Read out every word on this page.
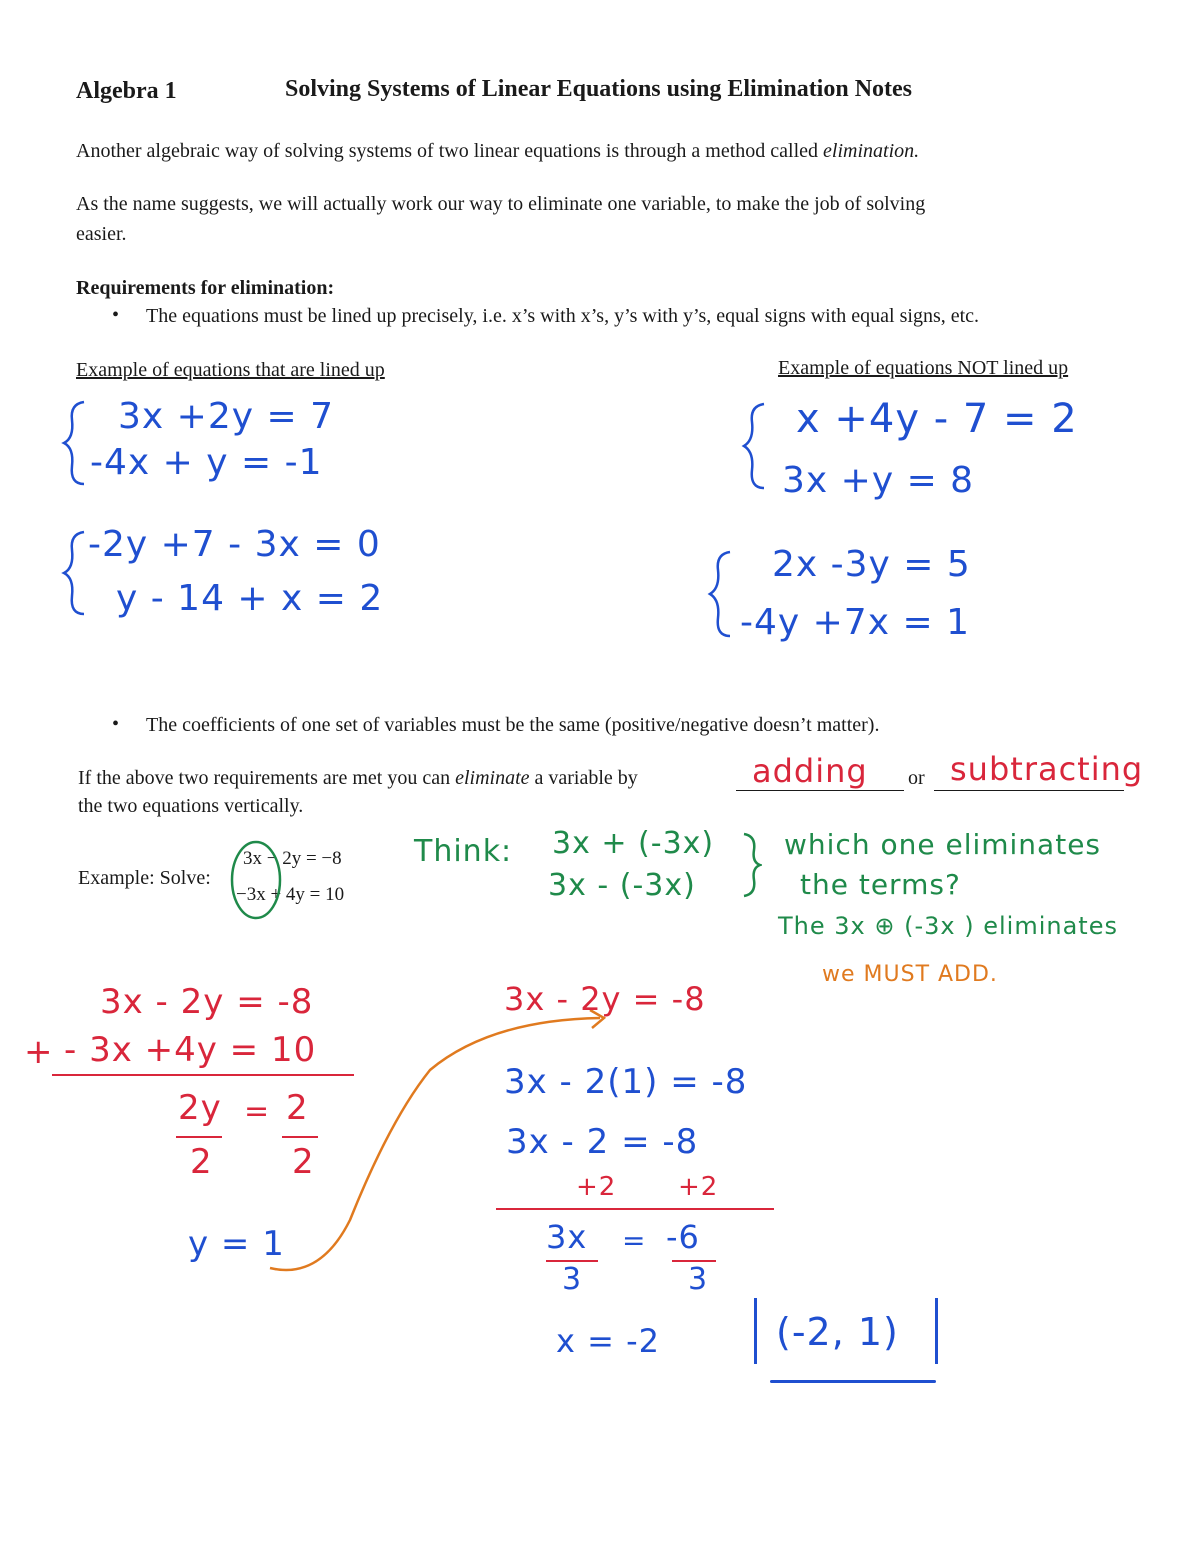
Algebra 1	Solving Systems of Linear Equations using Elimination Notes
Another algebraic way of solving systems of two linear equations is through a method called elimination.
As the name suggests, we will actually work our way to eliminate one variable, to make the job of solving
easier.
Requirements for elimination:
• The equations must be lined up precisely, i.e. x’s with x’s, y’s with y’s, equal signs with equal signs, etc.
Example of equations that are lined up	Example of equations NOT lined up
3x +2y = 7
-4x + y = -1
-2y +7 - 3x = 0
y - 14 + x = 2
x +4y - 7 = 2
3x +y = 8
2x -3y = 5
-4y +7x = 1
• The coefficients of one set of variables must be the same (positive/negative doesn’t matter).
If the above two requirements are met you can eliminate a variable by	adding or subtracting
the two equations vertically.
Example: Solve:
3x − 2y = −8
−3x + 4y = 10
Think: 3x + (-3x)
3x - (-3x)
which one eliminates
the terms?
The 3x ⊕ (-3x ) eliminates
we MUST ADD.
3x - 2y = -8
+ - 3x +4y = 10
2y = 2
2 2
y = 1
3x - 2y = -8
3x - 2(1) = -8
3x - 2 = -8
+2 +2
3x = -6
3	3
x = -2	(-2, 1)
